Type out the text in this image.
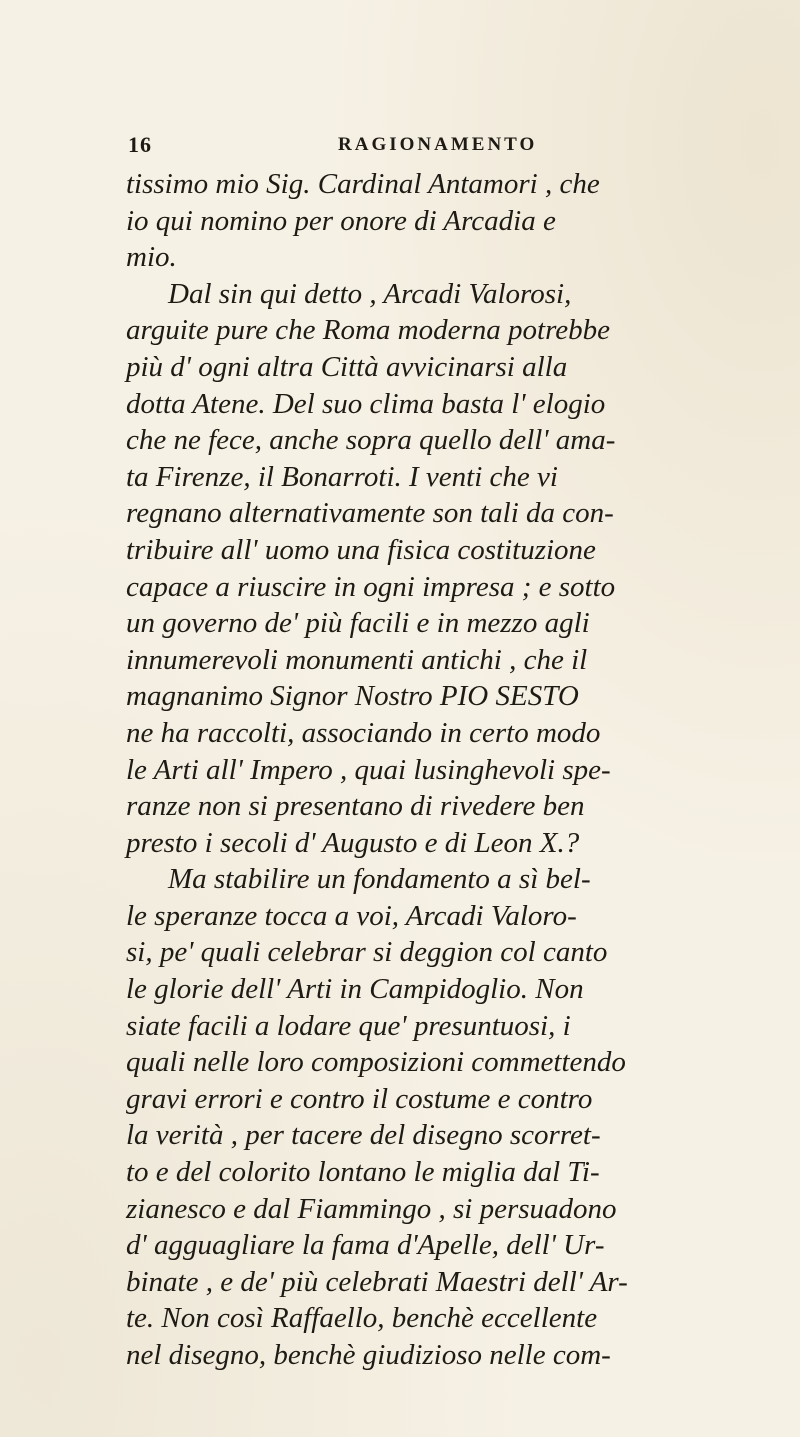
16	RAGIONAMENTO
tissimo mio Sig. Cardinal Antamori , che
io qui nomino per onore di Arcadia e
mio.
Dal sin qui detto , Arcadi Valorosi,
arguite pure che Roma moderna potrebbe
più d' ogni altra Città avvicinarsi alla
dotta Atene. Del suo clima basta l' elogio
che ne fece, anche sopra quello dell' ama-
ta Firenze, il Bonarroti. I venti che vi
regnano alternativamente son tali da con-
tribuire all' uomo una fisica costituzione
capace a riuscire in ogni impresa ; e sotto
un governo de' più facili e in mezzo agli
innumerevoli monumenti antichi , che il
magnanimo Signor Nostro PIO SESTO
ne ha raccolti, associando in certo modo
le Arti all' Impero , quai lusinghevoli spe-
ranze non si presentano di rivedere ben
presto i secoli d' Augusto e di Leon X.?
Ma stabilire un fondamento a sì bel-
le speranze tocca a voi, Arcadi Valoro-
si, pe' quali celebrar si deggion col canto
le glorie dell' Arti in Campidoglio. Non
siate facili a lodare que' presuntuosi, i
quali nelle loro composizioni commettendo
gravi errori e contro il costume e contro
la verità , per tacere del disegno scorret-
to e del colorito lontano le miglia dal Ti-
zianesco e dal Fiammingo , si persuadono
d' agguagliare la fama d'Apelle, dell' Ur-
binate , e de' più celebrati Maestri dell' Ar-
te. Non così Raffaello, benchè eccellente
nel disegno, benchè giudizioso nelle com-
